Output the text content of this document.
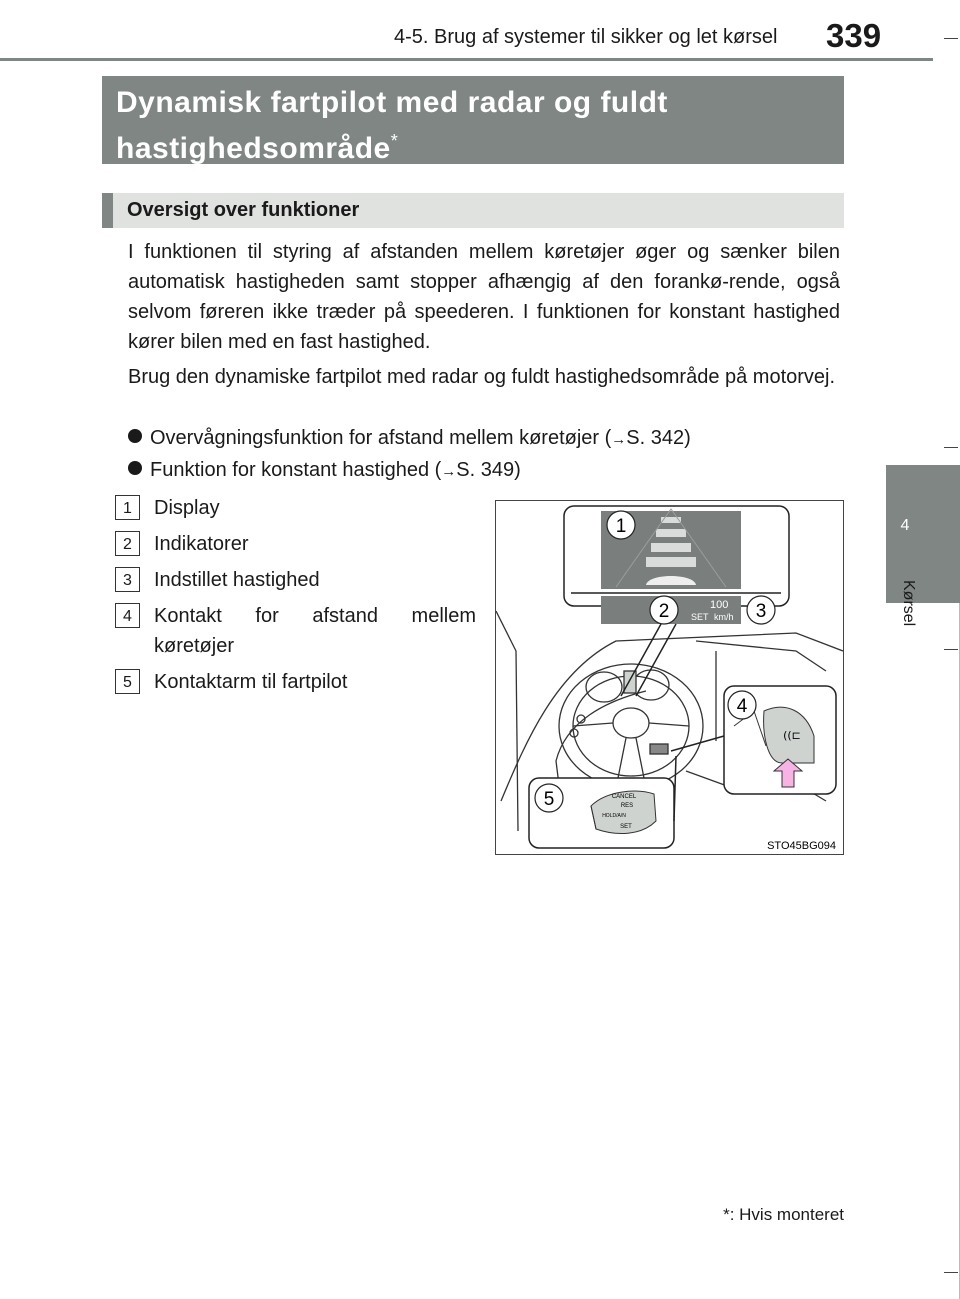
4-5. Brug af systemer til sikker og let kørsel 339
4
Kørsel
Dynamisk fartpilot med radar og fuldt hastighedsområde*
Oversigt over funktioner

I funktionen til styring af afstanden mellem køretøjer øger og sænker bilen automatisk hastigheden samt stopper afhængig af den forankø-rende, også selvom føreren ikke træder på speederen. I funktionen for konstant hastighed kører bilen med en fast hastighed.

Brug den dynamiske fartpilot med radar og fuldt hastighedsområde på motorvej.

Overvågningsfunktion for afstand mellem køretøjer (→S. 342)
Funktion for konstant hastighed (→S. 349)
1	Display
2	Indikatorer
3	Indstillet hastighed
4	Kontakt for afstand mellem køretøjer
5	Kontaktarm til fartpilot
100
km/h
SET
1
2	3
((⊏
4
CANCEL
RES
SET
HOLD/A/N
5
STO45BG094
*: Hvis monteret
